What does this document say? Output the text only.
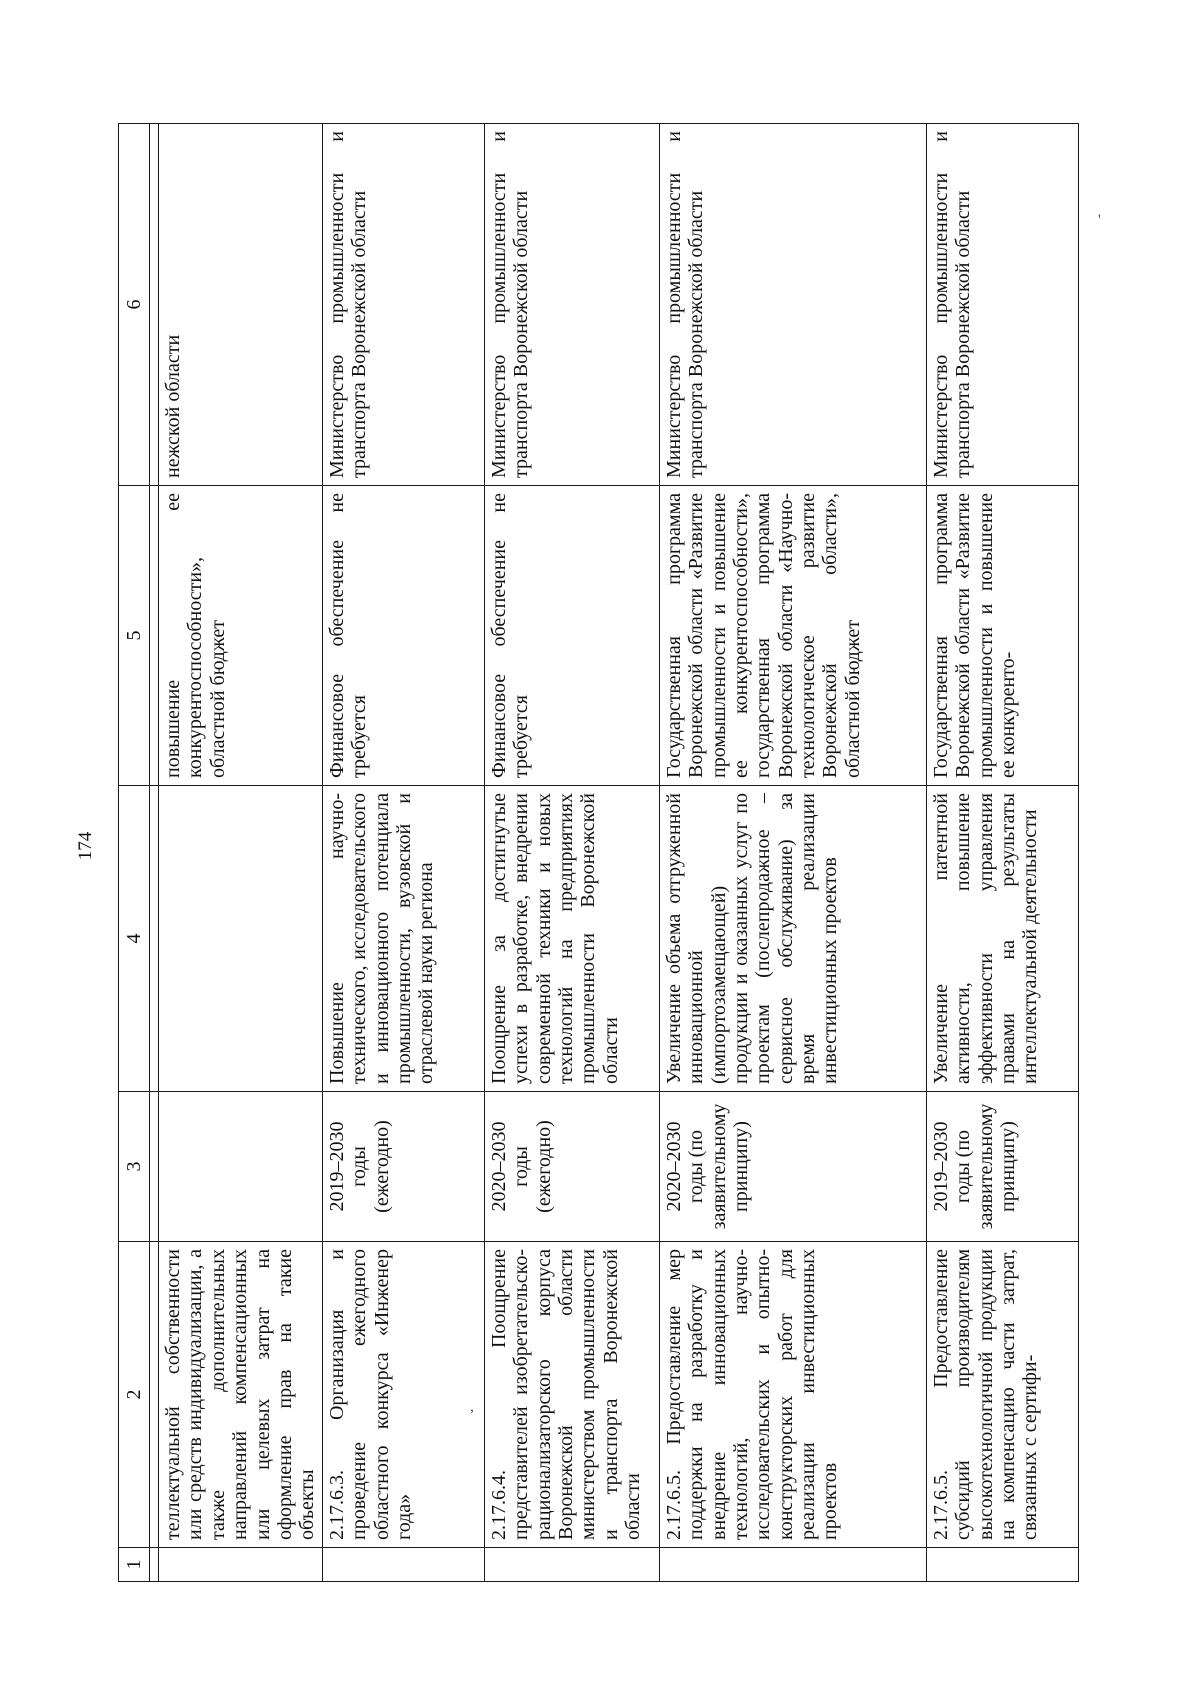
174
'
,
1	2	3	4	5	6

	теллектуальной собственности или средств индивидуализации, а также дополнительных направлений компенсационных или целевых затрат на оформление прав на такие объекты			повышение ее конкурентоспособности», областной бюджет	нежской области
	2.17.6.3. Организация и проведение ежегодного областного конкурса «Инженер года»	2019–2030 годы (ежегодно)	Повышение научно-технического, исследовательского и инновационного потенциала промышленности, вузовской и отраслевой науки региона	Финансовое обеспечение не требуется	Министерство промышленности и транспорта Воронежской области
	2.17.6.4. Поощрение представителей изобретательско-рационализаторского корпуса Воронежской области министерством промышленности и транспорта Воронежской области	2020–2030 годы (ежегодно)	Поощрение за достигнутые успехи в разработке, внедрении современной техники и новых технологий на предприятиях промышленности Воронежской области	Финансовое обеспечение не требуется	Министерство промышленности и транспорта Воронежской области
	2.17.6.5. Предоставление мер поддержки на разработку и внедрение инновационных технологий, научно-исследовательских и опытно-конструкторских работ для реализации инвестиционных проектов	2020–2030 годы (по заявительному принципу)	Увеличение объема отгруженной инновационной (импортозамещающей) продукции и оказанных услуг по проектам (послепродажное – сервисное обслуживание) за время реализации инвестиционных проектов	Государственная программа Воронежской области «Развитие промышленности и повышение ее конкурентоспособности», государственная программа Воронежской области «Научно-технологическое развитие Воронежской области», областной бюджет	Министерство промышленности и транспорта Воронежской области
	2.17.6.5. Предоставление субсидий производителям высокотехнологичной продукции на компенсацию части затрат, связанных с сертифи-	2019–2030 годы (по заявительному принципу)	Увеличение патентной активности, повышение эффективности управления правами на результаты интеллектуальной деятельности	Государственная программа Воронежской области «Развитие промышленности и повышение ее конкуренто-	Министерство промышленности и транспорта Воронежской области
